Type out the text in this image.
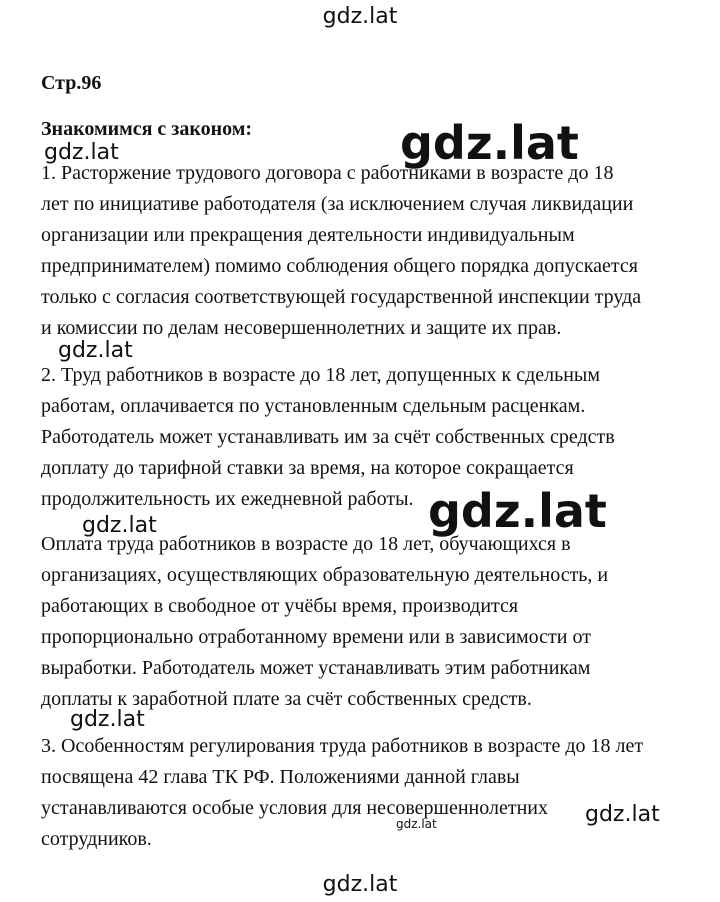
gdz.lat
Стр.96
Знакомимся с законом:
1. Расторжение трудового договора с работниками в возрасте до 18
лет по инициативе работодателя (за исключением случая ликвидации
организации или прекращения деятельности индивидуальным
предпринимателем) помимо соблюдения общего порядка допускается
только с согласия соответствующей государственной инспекции труда
и комиссии по делам несовершеннолетних и защите их прав.
2. Труд работников в возрасте до 18 лет, допущенных к сдельным
работам, оплачивается по установленным сдельным расценкам.
Работодатель может устанавливать им за счёт собственных средств
доплату до тарифной ставки за время, на которое сокращается
продолжительность их ежедневной работы.
Оплата труда работников в возрасте до 18 лет, обучающихся в
организациях, осуществляющих образовательную деятельность, и
работающих в свободное от учёбы время, производится
пропорционально отработанному времени или в зависимости от
выработки. Работодатель может устанавливать этим работникам
доплаты к заработной плате за счёт собственных средств.
3. Особенностям регулирования труда работников в возрасте до 18 лет
посвящена 42 глава ТК РФ. Положениями данной главы
устанавливаются особые условия для несовершеннолетних
сотрудников.
gdz.lat
gdz.lat
gdz.lat
gdz.lat
gdz.lat
gdz.lat
gdz.lat
gdz.lat
gdz.lat
